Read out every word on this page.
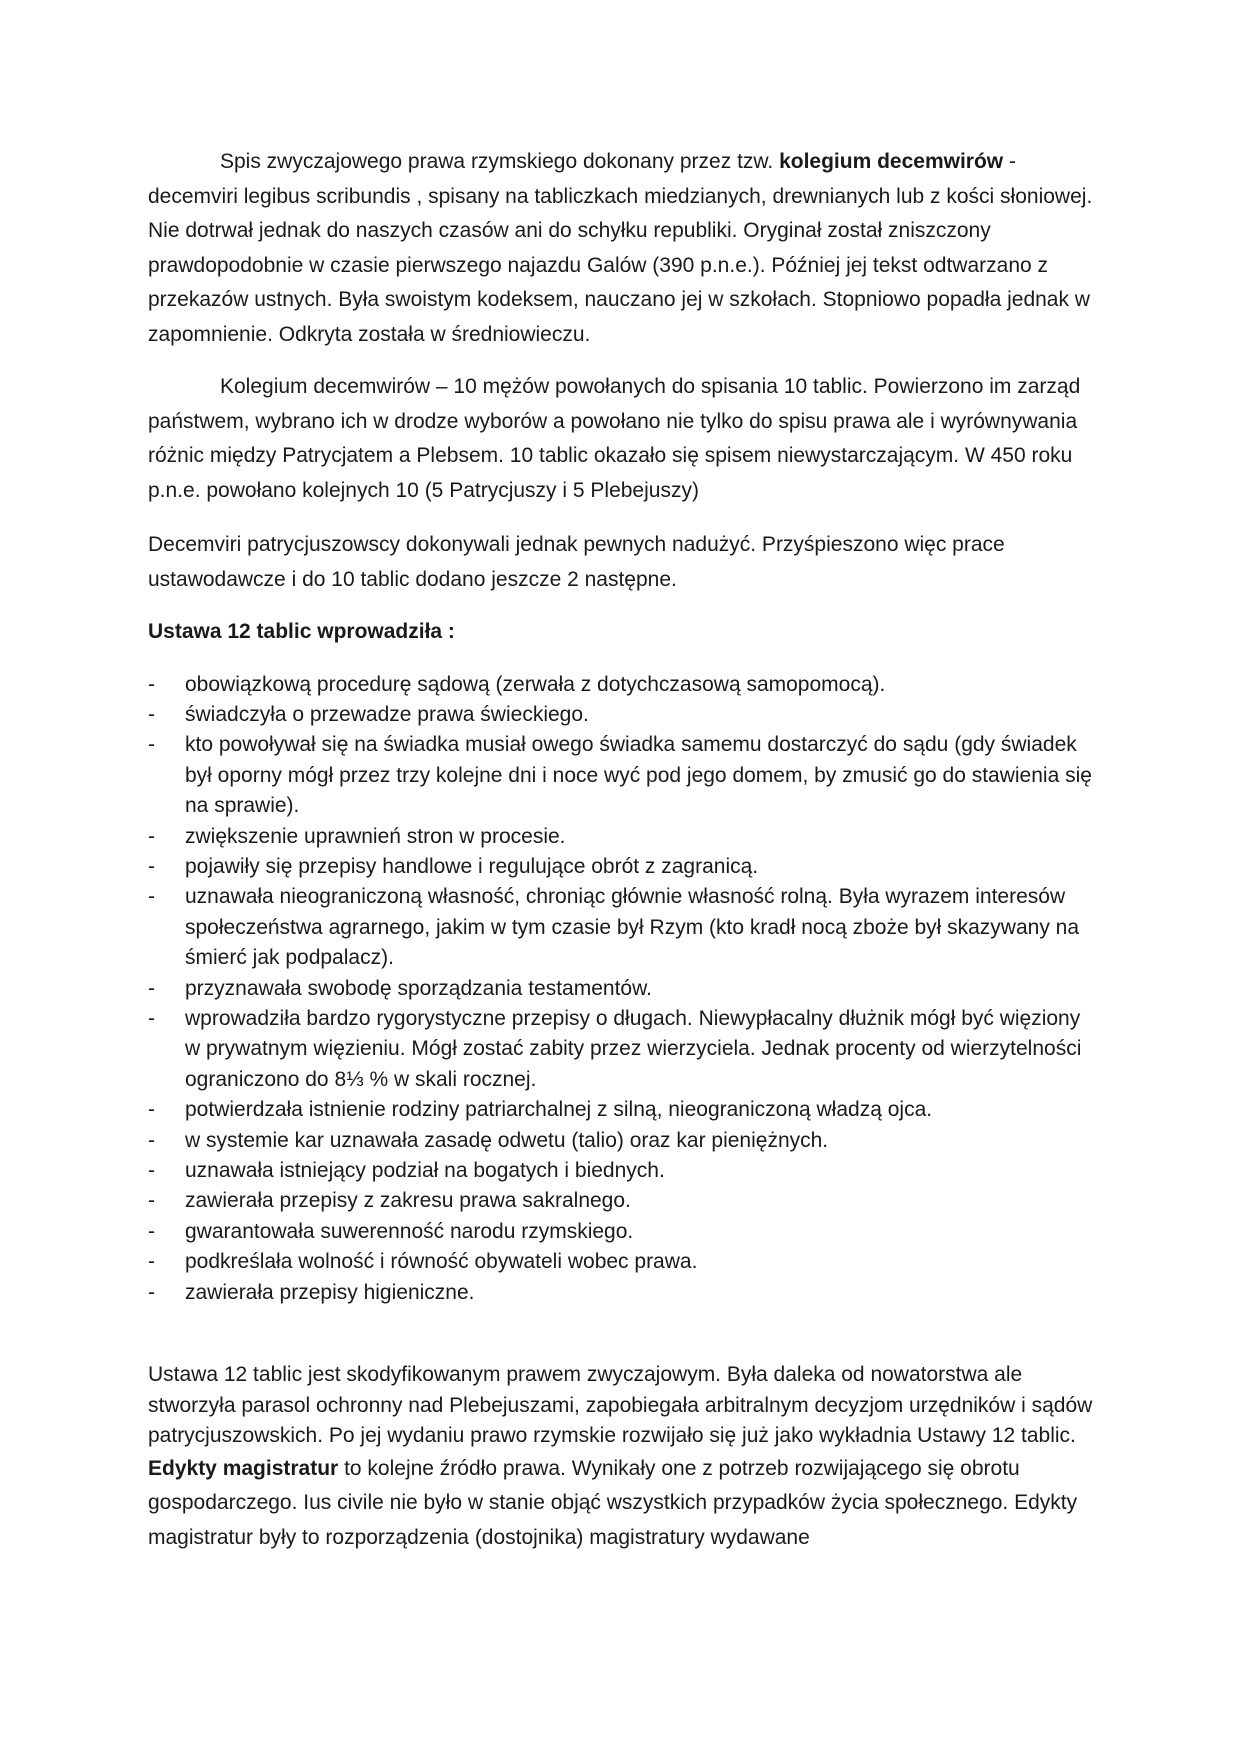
Spis zwyczajowego prawa rzymskiego dokonany przez tzw. kolegium decemwirów - decemviri legibus scribundis , spisany na tabliczkach miedzianych, drewnianych lub z kości słoniowej. Nie dotrwał jednak do naszych czasów ani do schyłku republiki. Oryginał został zniszczony prawdopodobnie w czasie pierwszego najazdu Galów (390 p.n.e.). Później jej tekst odtwarzano z przekazów ustnych. Była swoistym kodeksem, nauczano jej w szkołach. Stopniowo popadła jednak w zapomnienie. Odkryta została w średniowieczu.

Kolegium decemwirów – 10 mężów powołanych do spisania 10 tablic. Powierzono im zarząd państwem, wybrano ich w drodze wyborów a powołano nie tylko do spisu prawa ale i wyrównywania różnic między Patrycjatem a Plebsem. 10 tablic okazało się spisem niewystarczającym. W 450 roku p.n.e. powołano kolejnych 10 (5 Patrycjuszy i 5 Plebejuszy)

Decemviri patrycjuszowscy dokonywali jednak pewnych nadużyć. Przyśpieszono więc prace ustawodawcze i do 10 tablic dodano jeszcze 2 następne.

Ustawa 12 tablic wprowadziła :

- obowiązkową procedurę sądową (zerwała z dotychczasową samopomocą).
- świadczyła o przewadze prawa świeckiego.
- kto powoływał się na świadka musiał owego świadka samemu dostarczyć do sądu (gdy świadek był oporny mógł przez trzy kolejne dni i noce wyć pod jego domem, by zmusić go do stawienia się na sprawie).
- zwiększenie uprawnień stron w procesie.
- pojawiły się przepisy handlowe i regulujące obrót z zagranicą.
- uznawała nieograniczoną własność, chroniąc głównie własność rolną. Była wyrazem interesów społeczeństwa agrarnego, jakim w tym czasie był Rzym (kto kradł nocą zboże był skazywany na śmierć jak podpalacz).
- przyznawała swobodę sporządzania testamentów.
- wprowadziła bardzo rygorystyczne przepisy o długach. Niewypłacalny dłużnik mógł być więziony w prywatnym więzieniu. Mógł zostać zabity przez wierzyciela. Jednak procenty od wierzytelności ograniczono do 8⅓ % w skali rocznej.
- potwierdzała istnienie rodziny patriarchalnej z silną, nieograniczoną władzą ojca.
- w systemie kar uznawała zasadę odwetu (talio) oraz kar pieniężnych.
- uznawała istniejący podział na bogatych i biednych.
- zawierała przepisy z zakresu prawa sakralnego.
- gwarantowała suwerenność narodu rzymskiego.
- podkreślała wolność i równość obywateli wobec prawa.
- zawierała przepisy higieniczne.

Ustawa 12 tablic jest skodyfikowanym prawem zwyczajowym. Była daleka od nowatorstwa ale stworzyła parasol ochronny nad Plebejuszami, zapobiegała arbitralnym decyzjom urzędników i sądów patrycjuszowskich. Po jej wydaniu prawo rzymskie rozwijało się już jako wykładnia Ustawy 12 tablic.

Edykty magistratur to kolejne źródło prawa. Wynikały one z potrzeb rozwijającego się obrotu gospodarczego. Ius civile nie było w stanie objąć wszystkich przypadków życia społecznego. Edykty magistratur były to rozporządzenia (dostojnika) magistratury wydawane
